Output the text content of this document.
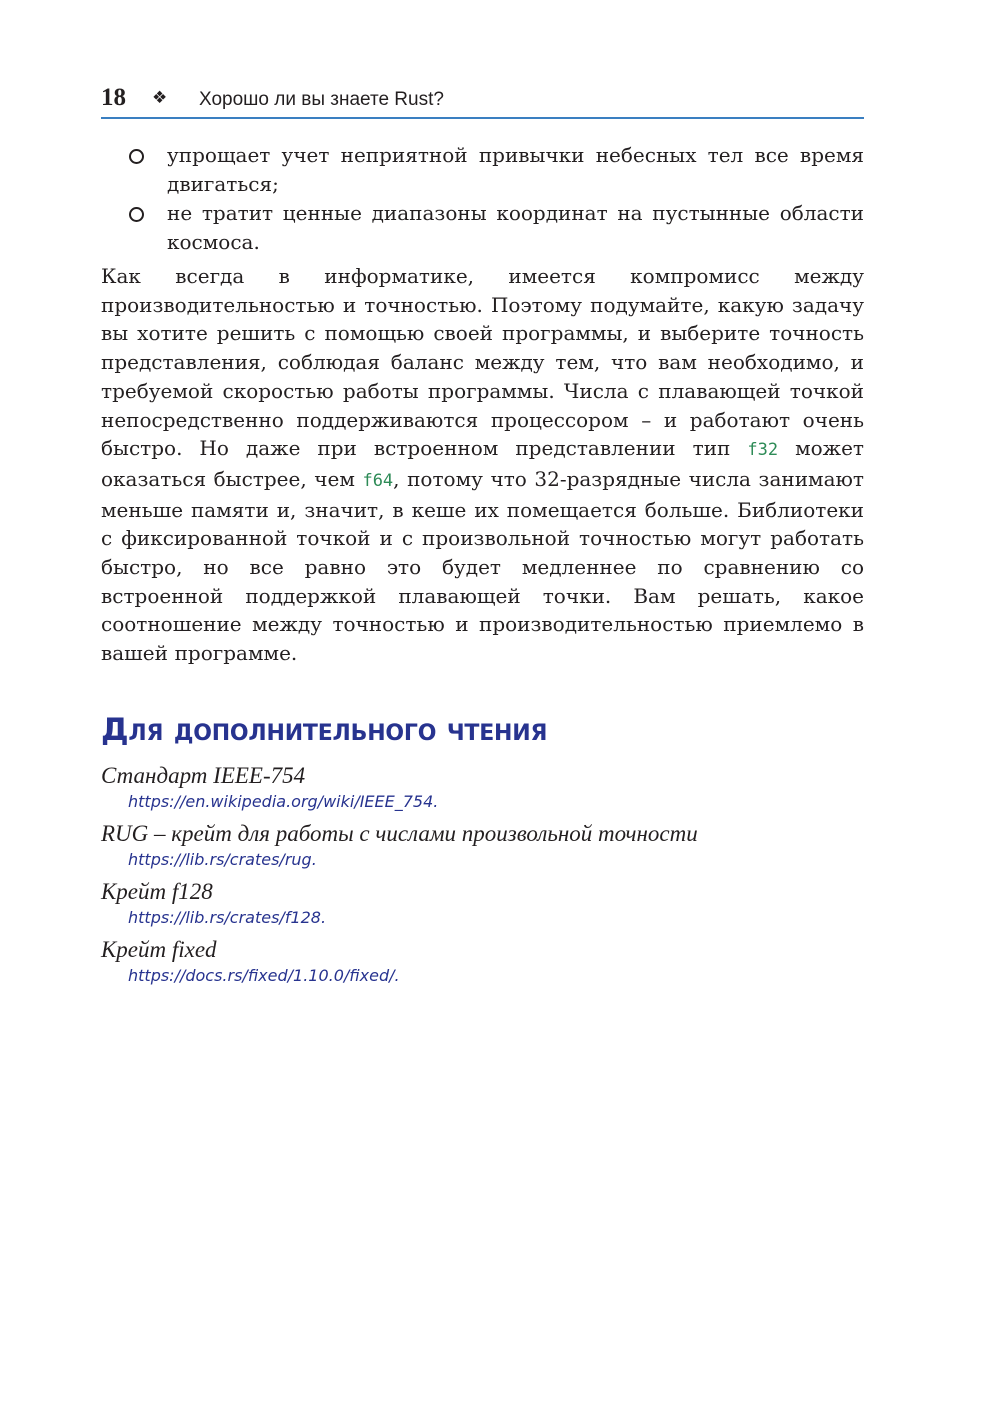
18 ❖ Хорошо ли вы знаете Rust?
упрощает учет неприятной привычки небесных тел все время двигаться;
не тратит ценные диапазоны координат на пустынные области космоса.

Как всегда в информатике, имеется компромисс между производительностью и точностью. Поэтому подумайте, какую задачу вы хотите решить с помощью своей программы, и выберите точность представления, соблюдая баланс между тем, что вам необходимо, и требуемой скоростью работы программы. Числа с плавающей точкой непосредственно поддерживаются процессором – и работают очень быстро. Но даже при встроенном представлении тип f32 может оказаться быстрее, чем f64, потому что 32-разрядные числа занимают меньше памяти и, значит, в кеше их помещается больше. Библиотеки с фиксированной точкой и с произвольной точностью могут работать быстро, но все равно это будет медленнее по сравнению со встроенной поддержкой плавающей точки. Вам решать, какое соотношение между точностью и производительностью приемлемо в вашей программе.

Для дополнительного чтения
Стандарт IEEE-754
https://en.wikipedia.org/wiki/IEEE_754.
RUG – крейт для работы с числами произвольной точности
https://lib.rs/crates/rug.
Крейт f128
https://lib.rs/crates/f128.
Крейт fixed
https://docs.rs/fixed/1.10.0/fixed/.
